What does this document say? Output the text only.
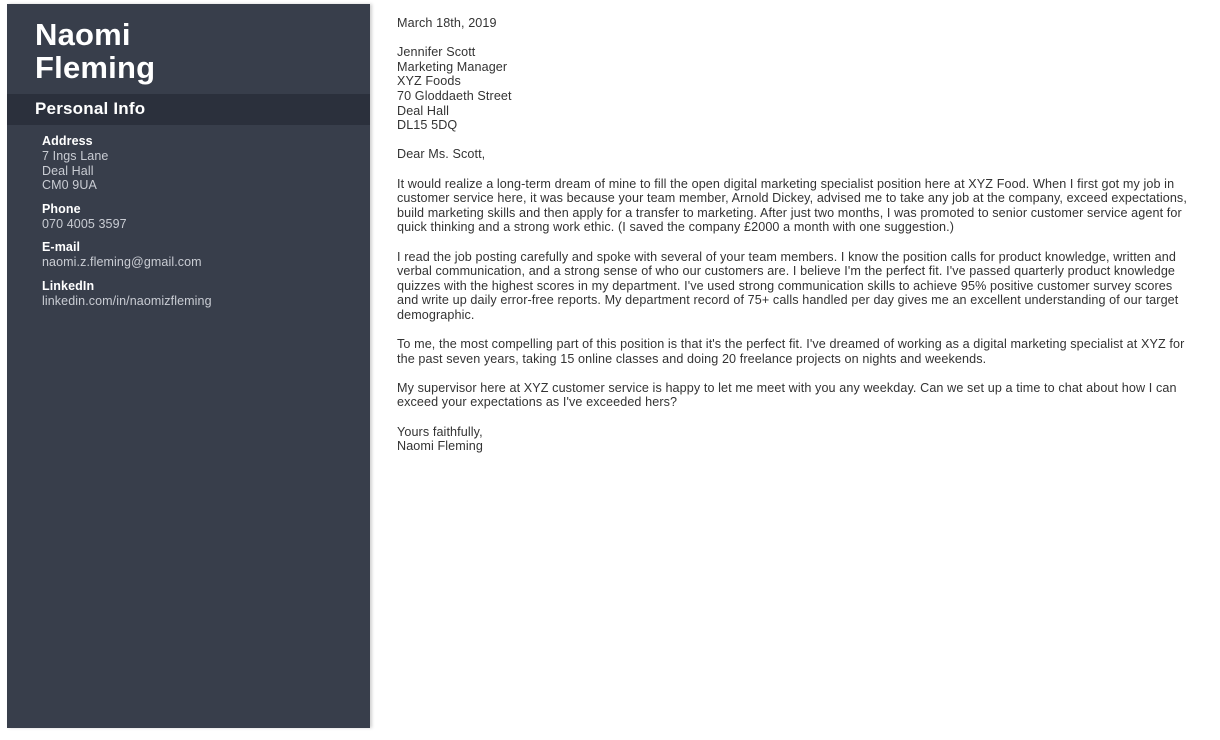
Naomi
Fleming
Personal Info
Address
7 Ings Lane
Deal Hall
CM0 9UA
Phone
070 4005 3597
E-mail
naomi.z.fleming@gmail.com
LinkedIn
linkedin.com/in/naomizfleming
March 18th, 2019
Jennifer Scott
Marketing Manager
XYZ Foods
70 Gloddaeth Street
Deal Hall
DL15 5DQ
Dear Ms. Scott,

It would realize a long-term dream of mine to fill the open digital marketing specialist position here at XYZ Food. When I first got my job in customer service here, it was because your team member, Arnold Dickey, advised me to take any job at the company, exceed expectations, build marketing skills and then apply for a transfer to marketing. After just two months, I was promoted to senior customer service agent for quick thinking and a strong work ethic. (I saved the company £2000 a month with one suggestion.)

I read the job posting carefully and spoke with several of your team members. I know the position calls for product knowledge, written and verbal communication, and a strong sense of who our customers are. I believe I'm the perfect fit. I've passed quarterly product knowledge quizzes with the highest scores in my department. I've used strong communication skills to achieve 95% positive customer survey scores and write up daily error-free reports. My department record of 75+ calls handled per day gives me an excellent understanding of our target demographic.

To me, the most compelling part of this position is that it's the perfect fit. I've dreamed of working as a digital marketing specialist at XYZ for the past seven years, taking 15 online classes and doing 20 freelance projects on nights and weekends.

My supervisor here at XYZ customer service is happy to let me meet with you any weekday. Can we set up a time to chat about how I can exceed your expectations as I've exceeded hers?

Yours faithfully,
Naomi Fleming
